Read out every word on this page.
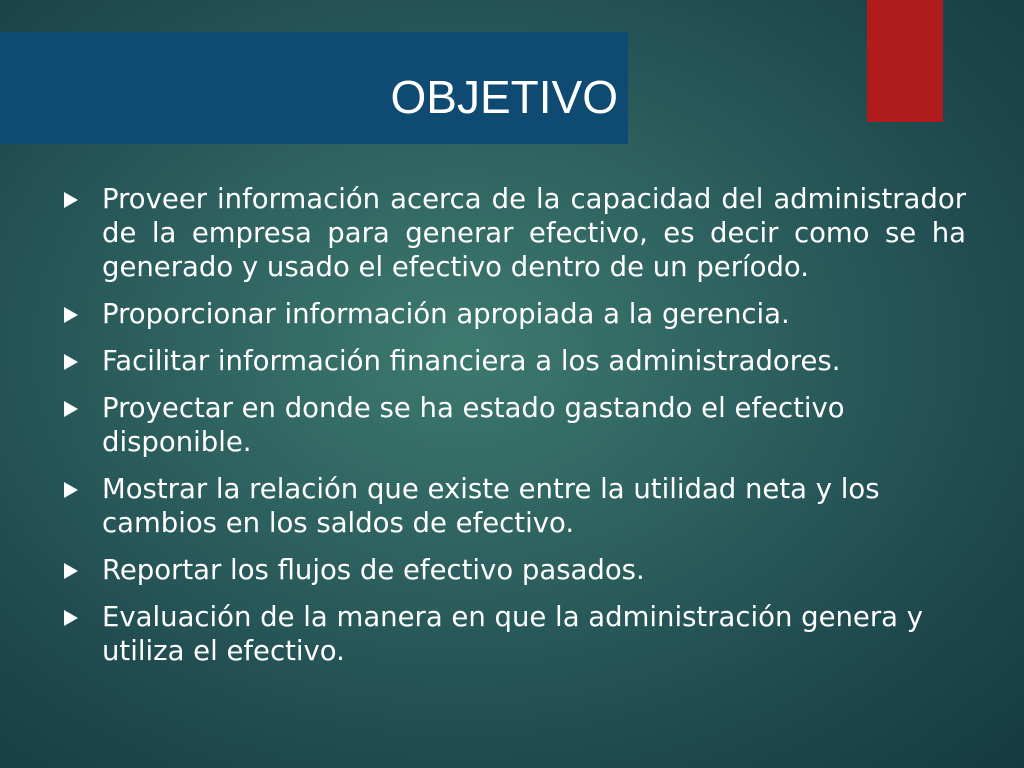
OBJETIVO
Proveer información acerca de la capacidad del administrador de la empresa para generar efectivo, es decir como se ha generado y usado el efectivo dentro de un período.
Proporcionar información apropiada a la gerencia.
Facilitar información financiera a los administradores.
Proyectar en donde se ha estado gastando el efectivo disponible.
Mostrar la relación que existe entre la utilidad neta y los cambios en los saldos de efectivo.
Reportar los flujos de efectivo pasados.
Evaluación de la manera en que la administración genera y utiliza el efectivo.
